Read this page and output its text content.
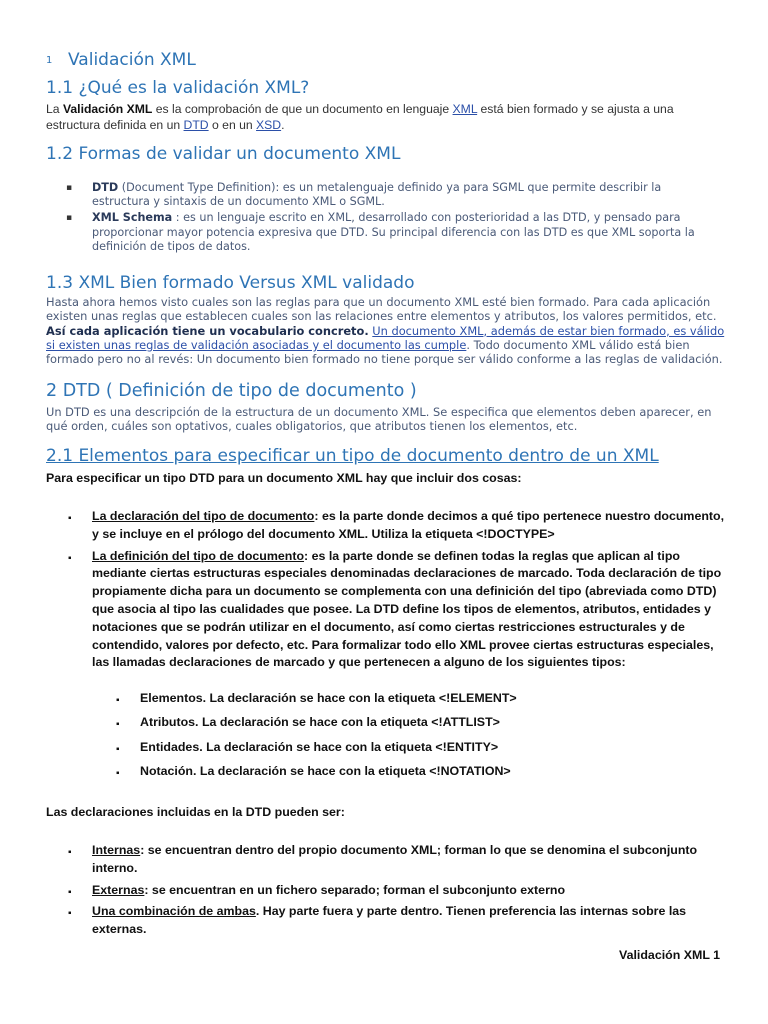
1 Validación XML
1.1 ¿Qué es la validación XML?

La Validación XML es la comprobación de que un documento en lenguaje XML está bien formado y se ajusta a una estructura definida en un DTD o en un XSD.

1.2 Formas de validar un documento XML
▪ DTD (Document Type Definition): es un metalenguaje definido ya para SGML que permite describir la estructura y sintaxis de un documento XML o SGML.
▪ XML Schema : es un lenguaje escrito en XML, desarrollado con posterioridad a las DTD, y pensado para proporcionar mayor potencia expresiva que DTD. Su principal diferencia con las DTD es que XML soporta la definición de tipos de datos.
1.3 XML Bien formado Versus XML validado

Hasta ahora hemos visto cuales son las reglas para que un documento XML esté bien formado. Para cada aplicación existen unas reglas que establecen cuales son las relaciones entre elementos y atributos, los valores permitidos, etc. Así cada aplicación tiene un vocabulario concreto. Un documento XML, además de estar bien formado, es válido si existen unas reglas de validación asociadas y el documento las cumple. Todo documento XML válido está bien formado pero no al revés: Un documento bien formado no tiene porque ser válido conforme a las reglas de validación.

2 DTD ( Definición de tipo de documento )

Un DTD es una descripción de la estructura de un documento XML. Se especifica que elementos deben aparecer, en qué orden, cuáles son optativos, cuales obligatorios, que atributos tienen los elementos, etc.

2.1 Elementos para especificar un tipo de documento dentro de un XML

Para especificar un tipo DTD para un documento XML hay que incluir dos cosas:

▪ La declaración del tipo de documento: es la parte donde decimos a qué tipo pertenece nuestro documento, y se incluye en el prólogo del documento XML. Utiliza la etiqueta <!DOCTYPE>
▪ La definición del tipo de documento: es la parte donde se definen todas la reglas que aplican al tipo mediante ciertas estructuras especiales denominadas declaraciones de marcado. Toda declaración de tipo propiamente dicha para un documento se complementa con una definición del tipo (abreviada como DTD) que asocia al tipo las cualidades que posee. La DTD define los tipos de elementos, atributos, entidades y notaciones que se podrán utilizar en el documento, así como ciertas restricciones estructurales y de contendido, valores por defecto, etc. Para formalizar todo ello XML provee ciertas estructuras especiales, las llamadas declaraciones de marcado y que pertenecen a alguno de los siguientes tipos:
▪ Elementos. La declaración se hace con la etiqueta <!ELEMENT>
▪ Atributos. La declaración se hace con la etiqueta <!ATTLIST>
▪ Entidades. La declaración se hace con la etiqueta <!ENTITY>
▪ Notación. La declaración se hace con la etiqueta <!NOTATION>

Las declaraciones incluidas en la DTD pueden ser:

▪ Internas: se encuentran dentro del propio documento XML; forman lo que se denomina el subconjunto interno.
▪ Externas: se encuentran en un fichero separado; forman el subconjunto externo
▪ Una combinación de ambas. Hay parte fuera y parte dentro. Tienen preferencia las internas sobre las externas.
Validación XML 1
